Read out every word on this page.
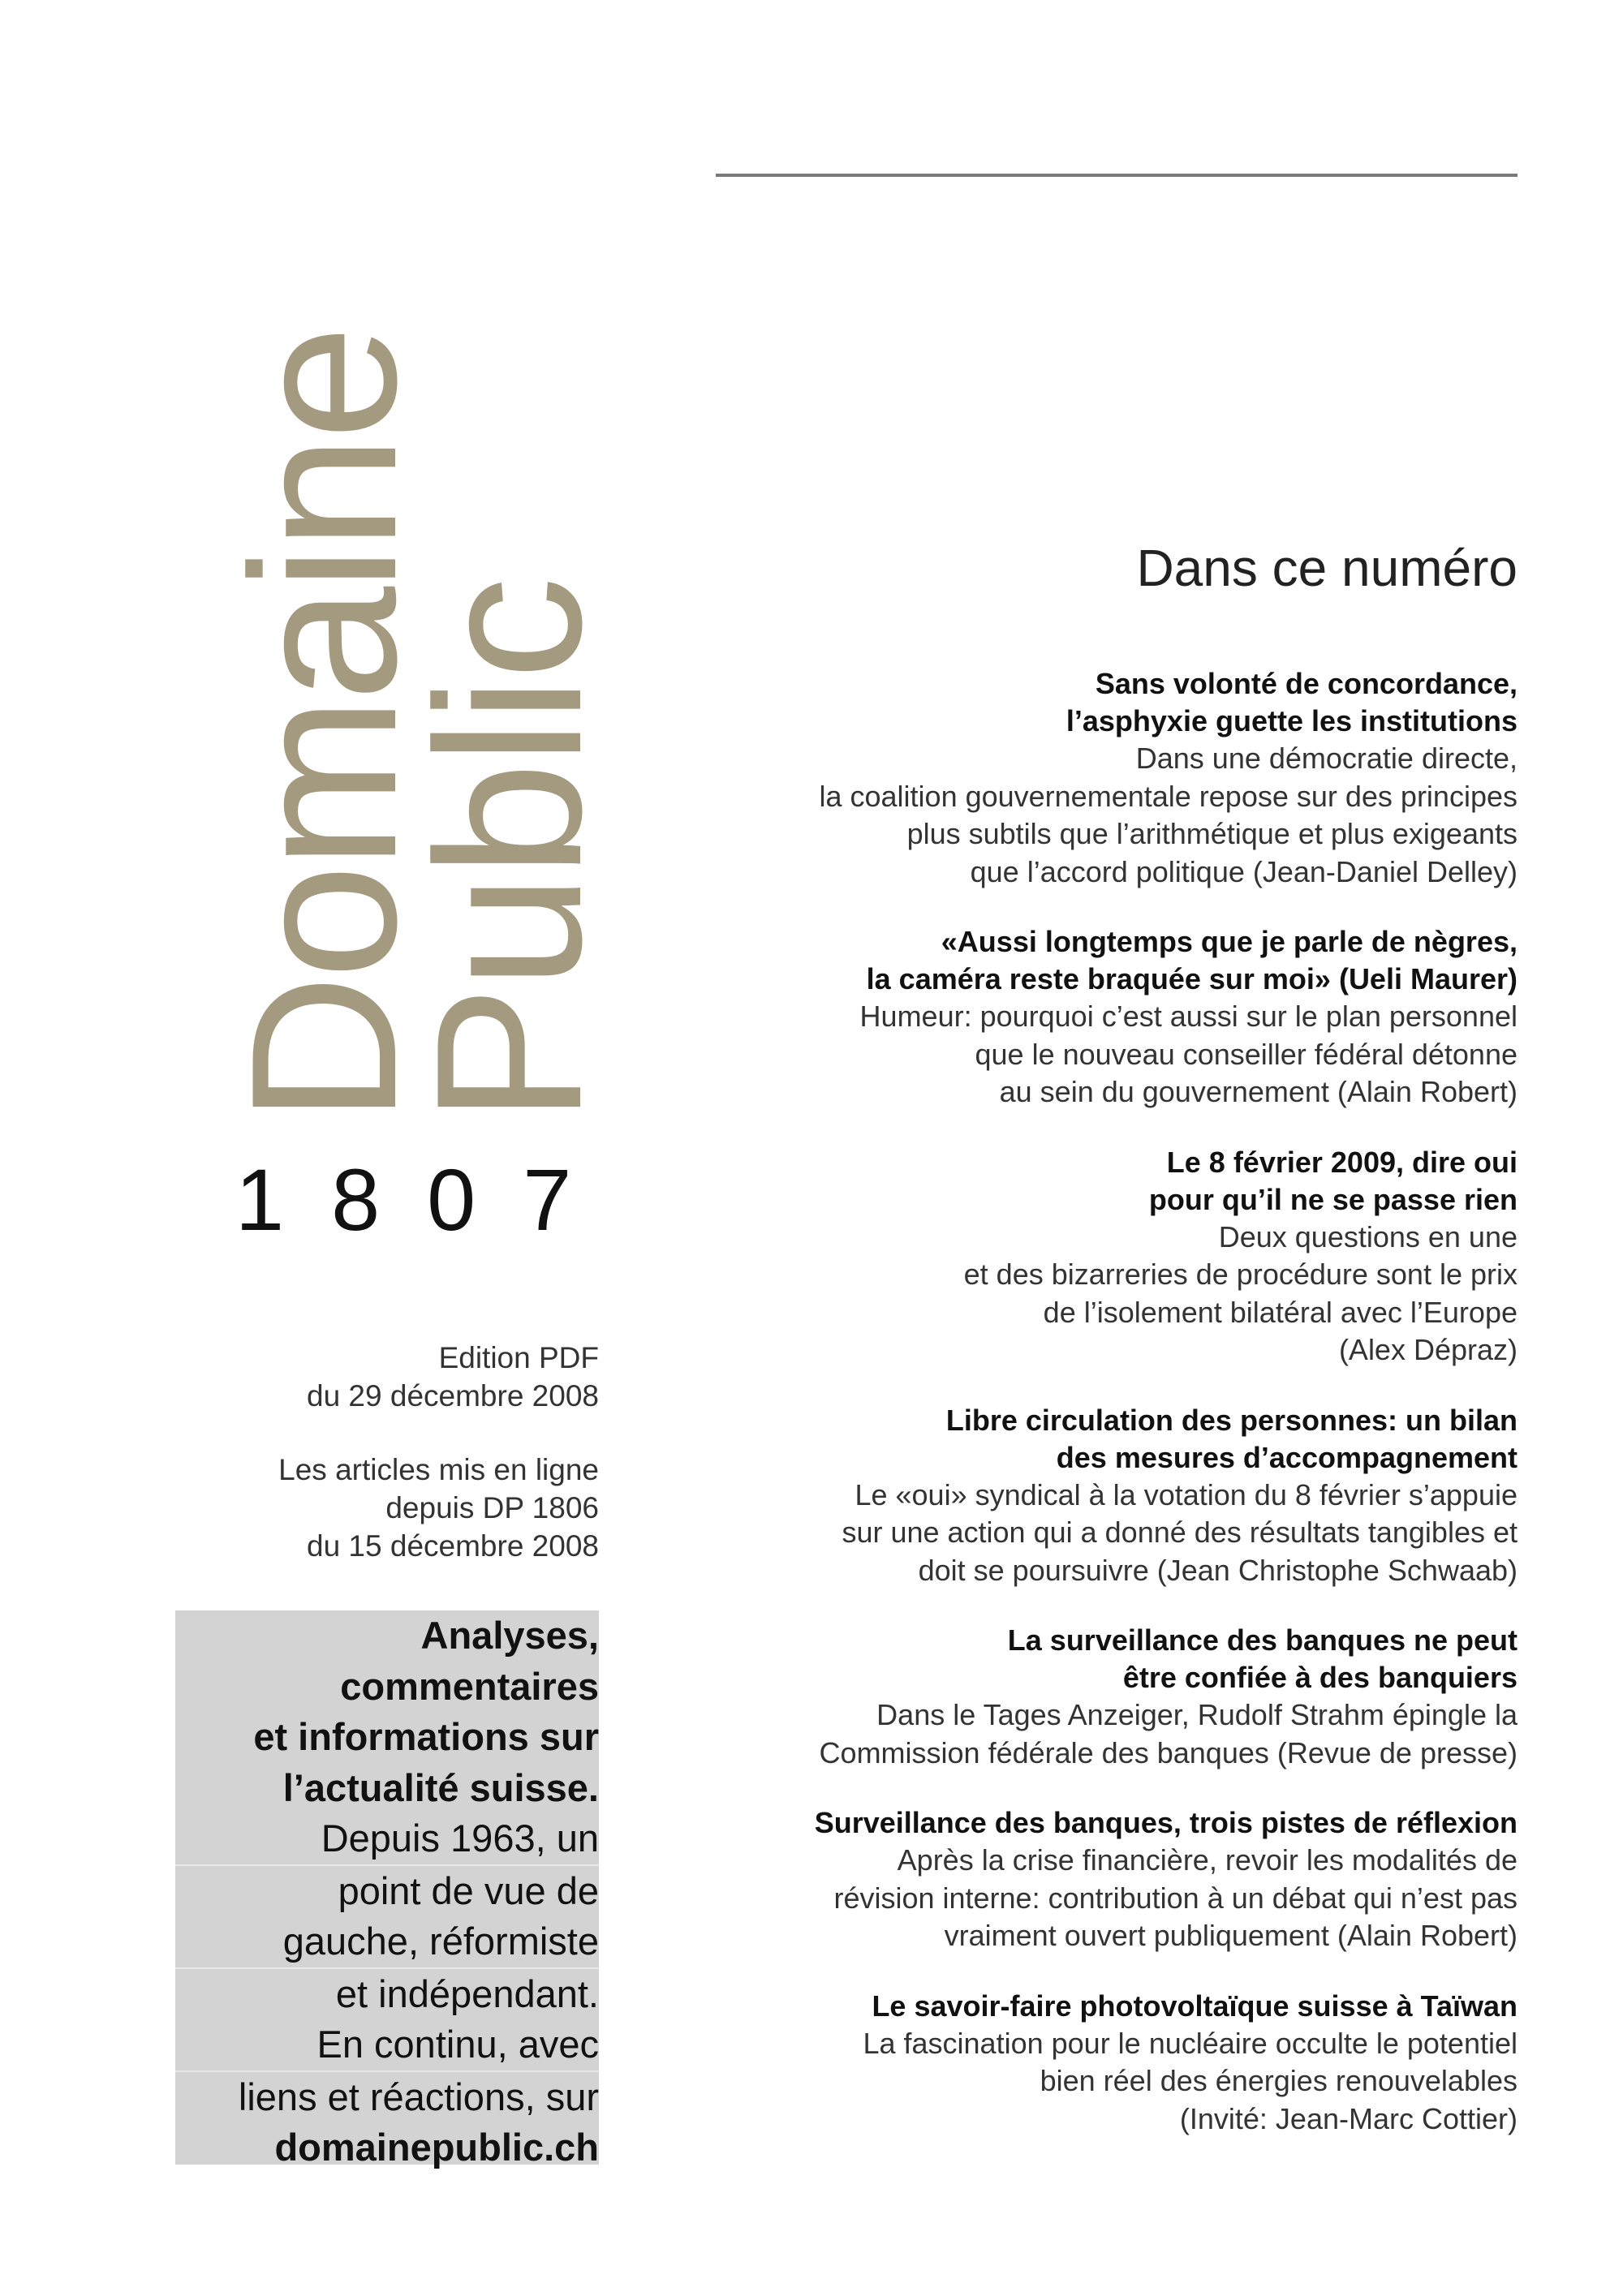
Domaine
Public
1807

Edition PDF
du 29 décembre 2008

Les articles mis en ligne
depuis DP 1806
du 15 décembre 2008

Analyses,
commentaires
et informations sur
l’actualité suisse.
Depuis 1963, un
point de vue de
gauche, réformiste
et indépendant.
En continu, avec
liens et réactions, sur
domainepublic.ch
Dans ce numéro
Sans volonté de concordance,
l’asphyxie guette les institutions
Dans une démocratie directe,
la coalition gouvernementale repose sur des principes
plus subtils que l’arithmétique et plus exigeants
que l’accord politique (Jean-Daniel Delley)
«Aussi longtemps que je parle de nègres,
la caméra reste braquée sur moi» (Ueli Maurer)
Humeur: pourquoi c’est aussi sur le plan personnel
que le nouveau conseiller fédéral détonne
au sein du gouvernement (Alain Robert)
Le 8 février 2009, dire oui
pour qu’il ne se passe rien
Deux questions en une
et des bizarreries de procédure sont le prix
de l’isolement bilatéral avec l’Europe
(Alex Dépraz)
Libre circulation des personnes: un bilan
des mesures d’accompagnement
Le «oui» syndical à la votation du 8 février s’appuie
sur une action qui a donné des résultats tangibles et
doit se poursuivre (Jean Christophe Schwaab)
La surveillance des banques ne peut
être confiée à des banquiers
Dans le Tages Anzeiger, Rudolf Strahm épingle la
Commission fédérale des banques (Revue de presse)
Surveillance des banques, trois pistes de réflexion
Après la crise financière, revoir les modalités de
révision interne: contribution à un débat qui n’est pas
vraiment ouvert publiquement (Alain Robert)
Le savoir-faire photovoltaïque suisse à Taïwan
La fascination pour le nucléaire occulte le potentiel
bien réel des énergies renouvelables
(Invité: Jean-Marc Cottier)
